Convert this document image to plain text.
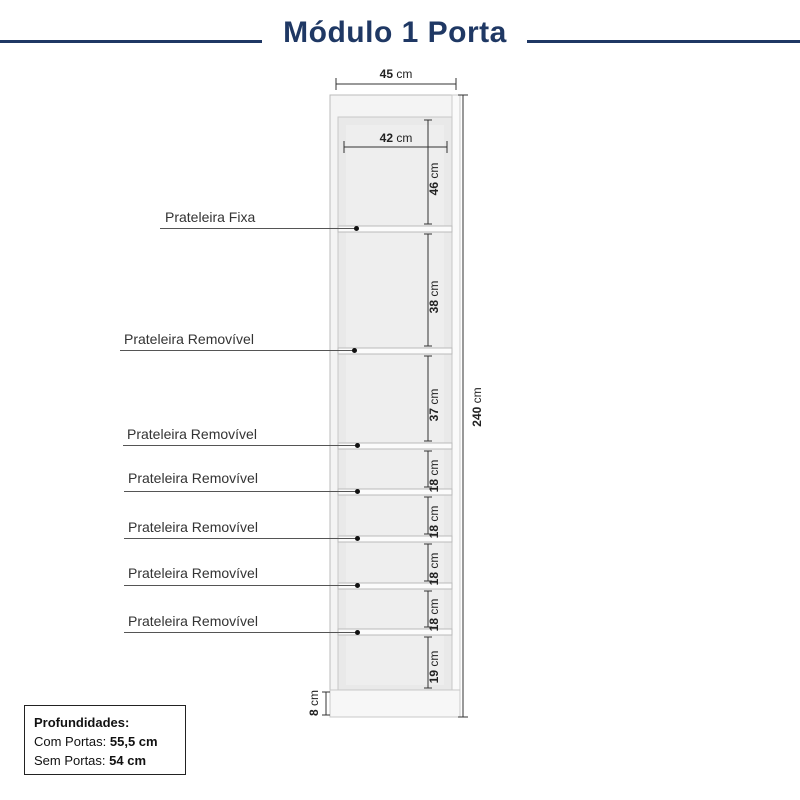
Módulo 1 Porta
45 cm
42 cm
240 cm
46 cm
38 cm
37 cm
18 cm
18 cm
18 cm
18 cm
19 cm
8 cm
Prateleira Fixa
Prateleira Removível
Prateleira Removível
Prateleira Removível
Prateleira Removível
Prateleira Removível
Prateleira Removível
Profundidades:
Com Portas: 55,5 cm
Sem Portas: 54 cm
